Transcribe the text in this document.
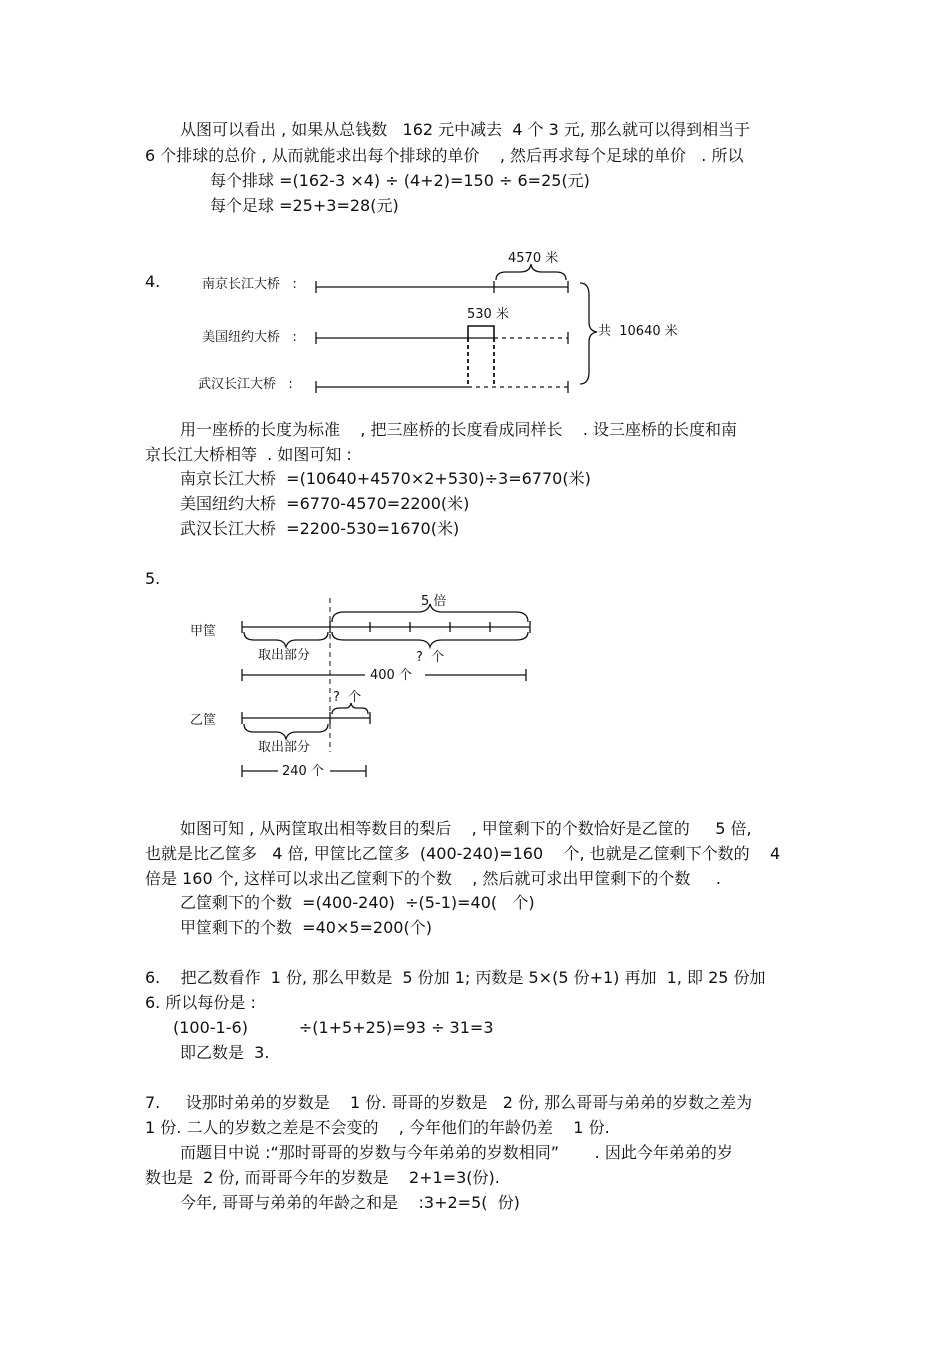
从图可以看出 , 如果从总钱数   162 元中减去  4 个 3 元, 那么就可以得到相当于
6 个排球的总价 , 从而就能求出每个排球的单价    , 然后再求每个足球的单价   . 所以
每个排球 =(162-3 ×4) ÷ (4+2)=150 ÷ 6=25(元)
每个足球 =25+3=28(元)
4.	南京长江大桥   :
美国纽约大桥   :
武汉长江大桥   :
4570 米
530 米
共  10640 米
用一座桥的长度为标准    , 把三座桥的长度看成同样长    . 设三座桥的长度和南
京长江大桥相等  . 如图可知 :
南京长江大桥  =(10640+4570×2+530)÷3=6770(米)
美国纽约大桥  =6770-4570=2200(米)
武汉长江大桥  =2200-530=1670(米)
5.
甲筐
乙筐
5 倍
取出部分	?  个
400 个
?  个
取出部分
240 个
如图可知 , 从两筐取出相等数目的梨后    , 甲筐剩下的个数恰好是乙筐的     5 倍,
也就是比乙筐多   4 倍, 甲筐比乙筐多  (400-240)=160    个, 也就是乙筐剩下个数的    4
倍是 160 个, 这样可以求出乙筐剩下的个数    , 然后就可求出甲筐剩下的个数     .
乙筐剩下的个数  =(400-240)  ÷(5-1)=40(   个)
甲筐剩下的个数  =40×5=200(个)
6.    把乙数看作  1 份, 那么甲数是  5 份加 1; 丙数是 5×(5 份+1) 再加  1, 即 25 份加
6. 所以每份是 :
(100-1-6)          ÷(1+5+25)=93 ÷ 31=3
即乙数是  3.
7.     设那时弟弟的岁数是    1 份. 哥哥的岁数是   2 份, 那么哥哥与弟弟的岁数之差为
1 份. 二人的岁数之差是不会变的    , 今年他们的年龄仍差    1 份.
而题目中说 :“那时哥哥的岁数与今年弟弟的岁数相同”       . 因此今年弟弟的岁
数也是  2 份, 而哥哥今年的岁数是    2+1=3(份).
今年, 哥哥与弟弟的年龄之和是    :3+2=5(  份)
